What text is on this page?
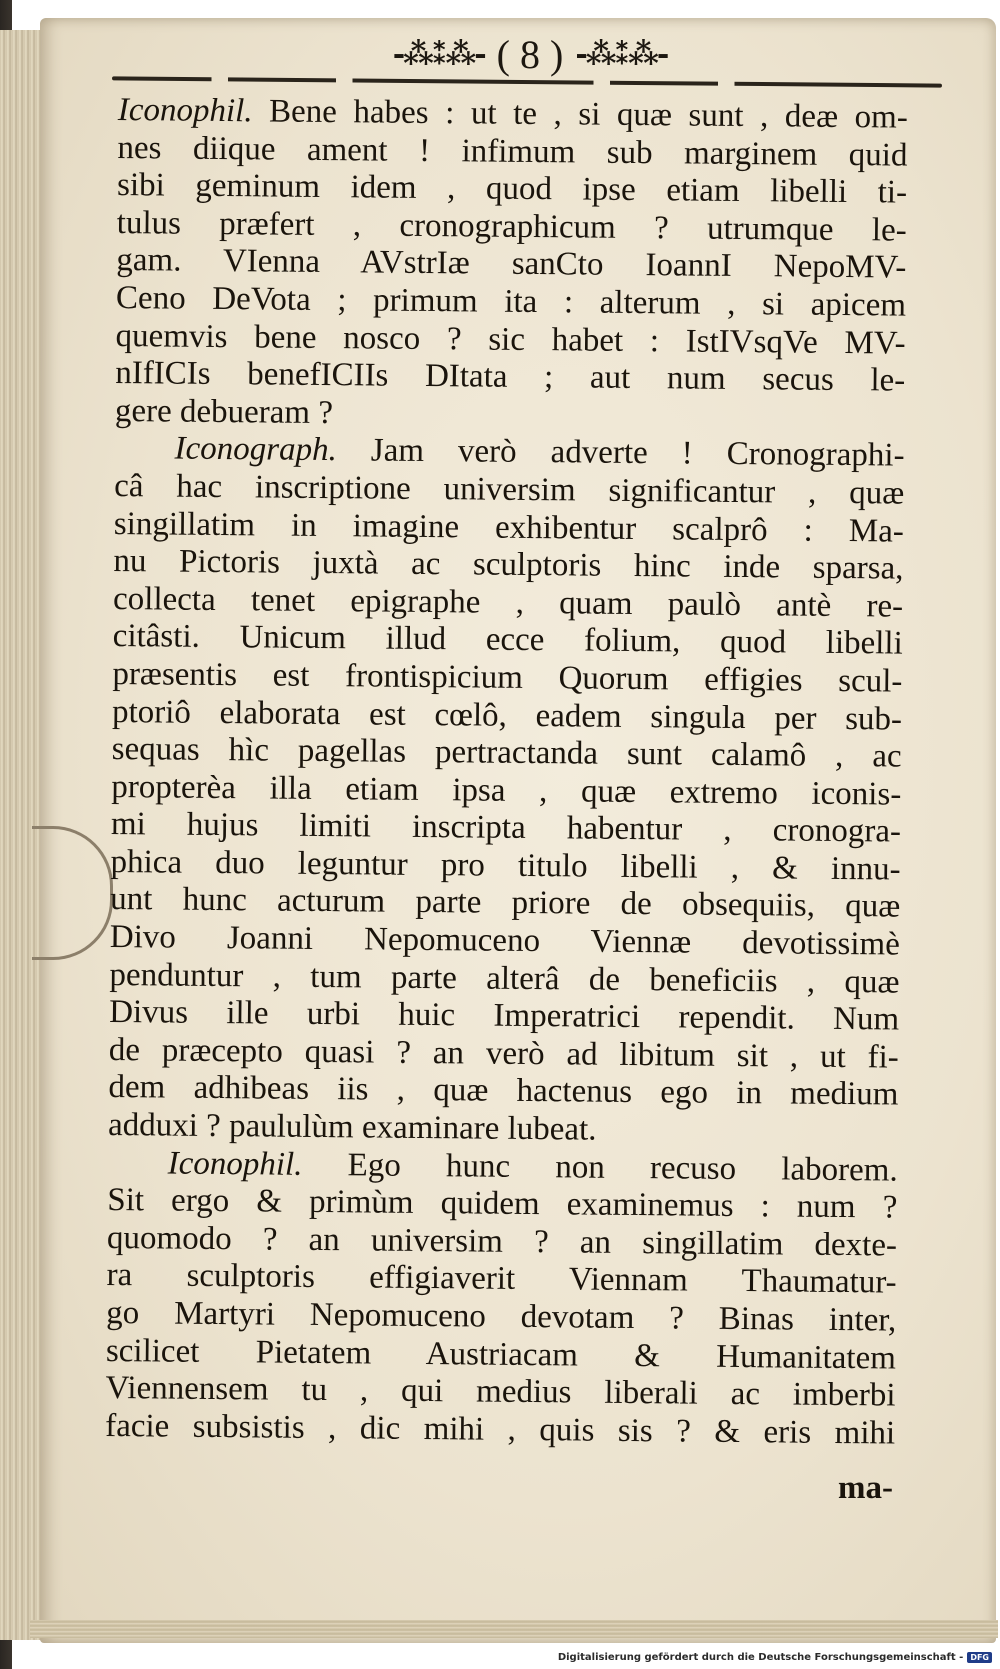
-⁂⁑⁂- ( 8 ) -⁂⁑⁂-
Iconophil. Bene habes : ut te , si quæ sunt , deæ om-
nes diique ament ! infimum sub marginem quid
sibi geminum idem , quod ipse etiam libelli ti-
tulus præfert , cronographicum ? utrumque le-
gam. VIenna AVstrIæ sanCto IoannI NepoMV-
Ceno DeVota ; primum ita : alterum , si apicem
quemvis bene nosco ? sic habet : IstIVsqVe MV-
nIfICIs benefICIIs DItata ; aut num secus le-
gere debueram ?
Iconograph. Jam verò adverte ! Cronographi-
câ hac inscriptione universim significantur , quæ
singillatim in imagine exhibentur scalprô : Ma-
nu Pictoris juxtà ac sculptoris hinc inde sparsa,
collecta tenet epigraphe , quam paulò antè re-
citâsti. Unicum illud ecce folium, quod libelli
præsentis est frontispicium Quorum effigies scul-
ptoriô elaborata est cœlô, eadem singula per sub-
sequas hìc pagellas pertractanda sunt calamô , ac
propterèa illa etiam ipsa , quæ extremo iconis-
mi hujus limiti inscripta habentur , cronogra-
phica duo leguntur pro titulo libelli , & innu-
unt hunc acturum parte priore de obsequiis, quæ
Divo Joanni Nepomuceno Viennæ devotissimè
penduntur , tum parte alterâ de beneficiis , quæ
Divus ille urbi huic Imperatrici rependit. Num
de præcepto quasi ? an verò ad libitum sit , ut fi-
dem adhibeas iis , quæ hactenus ego in medium
adduxi ? paululùm examinare lubeat.
Iconophil. Ego hunc non recuso laborem.
Sit ergo & primùm quidem examinemus : num ?
quomodo ? an universim ? an singillatim dexte-
ra sculptoris effigiaverit Viennam Thaumatur-
go Martyri Nepomuceno devotam ? Binas inter,
scilicet Pietatem Austriacam & Humanitatem
Viennensem tu , qui medius liberali ac imberbi
facie subsistis , dic mihi , quis sis ? & eris mihi
ma-
Digitalisierung gefördert durch die Deutsche Forschungsgemeinschaft - DFG
